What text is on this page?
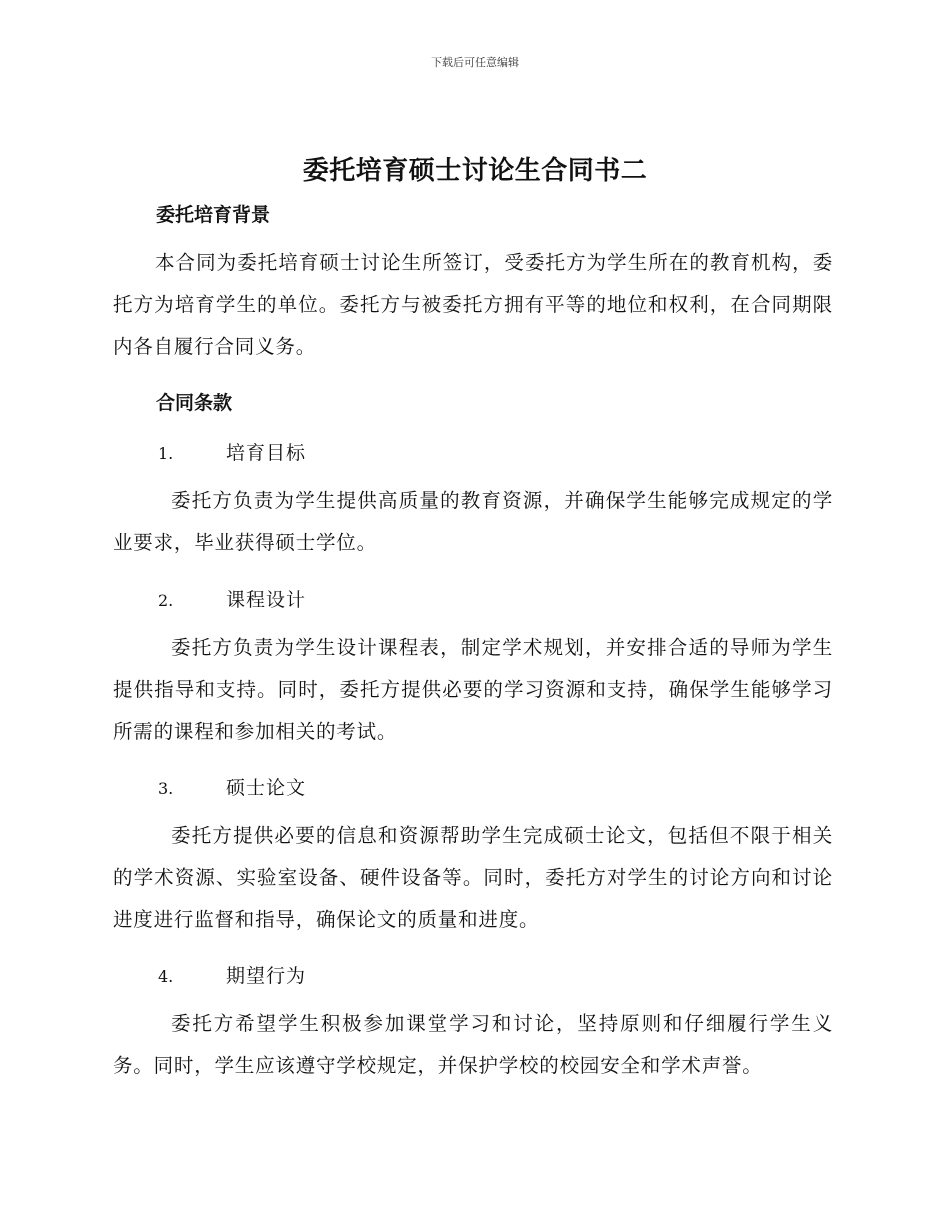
下载后可任意编辑
委托培育硕士讨论生合同书二
委托培育背景
本合同为委托培育硕士讨论生所签订，受委托方为学生所在的教育机构，委托方为培育学生的单位。委托方与被委托方拥有平等的地位和权利，在合同期限内各自履行合同义务。
合同条款
1.	培育目标
委托方负责为学生提供高质量的教育资源，并确保学生能够完成规定的学业要求，毕业获得硕士学位。
2.	课程设计
委托方负责为学生设计课程表，制定学术规划，并安排合适的导师为学生提供指导和支持。同时，委托方提供必要的学习资源和支持，确保学生能够学习所需的课程和参加相关的考试。
3.	硕士论文
委托方提供必要的信息和资源帮助学生完成硕士论文，包括但不限于相关的学术资源、实验室设备、硬件设备等。同时，委托方对学生的讨论方向和讨论进度进行监督和指导，确保论文的质量和进度。
4.	期望行为
委托方希望学生积极参加课堂学习和讨论，坚持原则和仔细履行学生义务。同时，学生应该遵守学校规定，并保护学校的校园安全和学术声誉。
